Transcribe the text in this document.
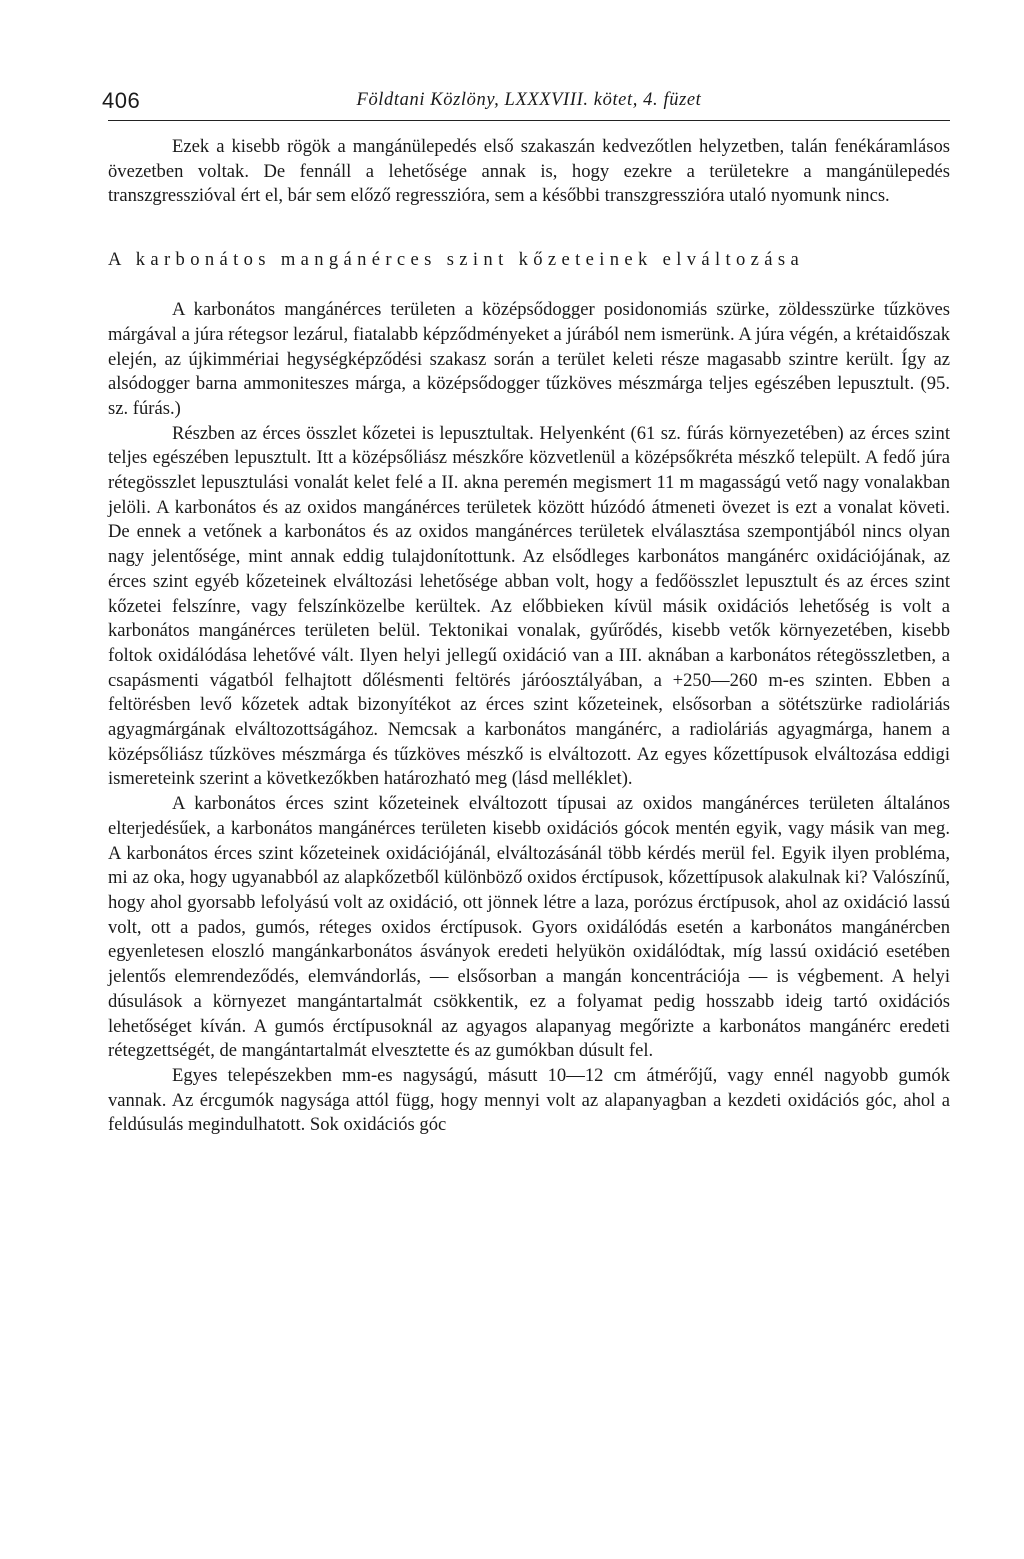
406	Földtani Közlöny, LXXXVIII. kötet, 4. füzet

Ezek a kisebb rögök a mangánülepedés első szakaszán kedvezőtlen helyzetben, talán fenékáramlásos övezetben voltak. De fennáll a lehetősége annak is, hogy ezekre a területekre a mangánülepedés transzgresszióval ért el, bár sem előző regresszióra, sem a későbbi transzgresszióra utaló nyomunk nincs.

A karbonátos mangánérces szint kőzeteinek elváltozása

A karbonátos mangánérces területen a középsődogger posidonomiás szürke, zöldesszürke tűzköves márgával a júra rétegsor lezárul, fiatalabb képződményeket a júrából nem ismerünk. A júra végén, a krétaidőszak elején, az újkimmériai hegységképződési szakasz során a terület keleti része magasabb szintre került. Így az alsódogger barna ammoniteszes márga, a középsődogger tűzköves mészmárga teljes egészében lepusztult. (95. sz. fúrás.)

Részben az érces összlet kőzetei is lepusztultak. Helyenként (61 sz. fúrás környezetében) az érces szint teljes egészében lepusztult. Itt a középsőliász mészkőre közvetlenül a középsőkréta mészkő települt. A fedő júra rétegösszlet lepusztulási vonalát kelet felé a II. akna peremén megismert 11 m magasságú vető nagy vonalakban jelöli. A karbonátos és az oxidos mangánérces területek között húzódó átmeneti övezet is ezt a vonalat követi. De ennek a vetőnek a karbonátos és az oxidos mangánérces területek elválasztása szempontjából nincs olyan nagy jelentősége, mint annak eddig tulajdonítottunk. Az elsődleges karbonátos mangánérc oxidációjának, az érces szint egyéb kőzeteinek elváltozási lehetősége abban volt, hogy a fedőösszlet lepusztult és az érces szint kőzetei felszínre, vagy felszínközelbe kerültek. Az előbbieken kívül másik oxidációs lehetőség is volt a karbonátos mangánérces területen belül. Tektonikai vonalak, gyűrődés, kisebb vetők környezetében, kisebb foltok oxidálódása lehetővé vált. Ilyen helyi jellegű oxidáció van a III. aknában a karbonátos rétegösszletben, a csapásmenti vágatból felhajtott dőlésmenti feltörés járóosztályában, a +250—260 m-es szinten. Ebben a feltörésben levő kőzetek adtak bizonyítékot az érces szint kőzeteinek, elsősorban a sötétszürke radioláriás agyagmárgának elváltozottságához. Nemcsak a karbonátos mangánérc, a radioláriás agyagmárga, hanem a középsőliász tűzköves mészmárga és tűzköves mészkő is elváltozott. Az egyes kőzettípusok elváltozása eddigi ismereteink szerint a következőkben határozható meg (lásd melléklet).

A karbonátos érces szint kőzeteinek elváltozott típusai az oxidos mangánérces területen általános elterjedésűek, a karbonátos mangánérces területen kisebb oxidációs gócok mentén egyik, vagy másik van meg. A karbonátos érces szint kőzeteinek oxidációjánál, elváltozásánál több kérdés merül fel. Egyik ilyen probléma, mi az oka, hogy ugyanabból az alapkőzetből különböző oxidos érctípusok, kőzettípusok alakulnak ki? Valószínű, hogy ahol gyorsabb lefolyású volt az oxidáció, ott jönnek létre a laza, porózus érctípusok, ahol az oxidáció lassú volt, ott a pados, gumós, réteges oxidos érctípusok. Gyors oxidálódás esetén a karbonátos mangánércben egyenletesen eloszló mangánkarbonátos ásványok eredeti helyükön oxidálódtak, míg lassú oxidáció esetében jelentős elemrendeződés, elemvándorlás, — elsősorban a mangán koncentrációja — is végbement. A helyi dúsulások a környezet mangántartalmát csökkentik, ez a folyamat pedig hosszabb ideig tartó oxidációs lehetőséget kíván. A gumós érctípusoknál az agyagos alapanyag megőrizte a karbonátos mangánérc eredeti rétegzettségét, de mangántartalmát elvesztette és az gumókban dúsult fel.

Egyes telepészekben mm-es nagyságú, másutt 10—12 cm átmérőjű, vagy ennél nagyobb gumók vannak. Az ércgumók nagysága attól függ, hogy mennyi volt az alapanyagban a kezdeti oxidációs góc, ahol a feldúsulás megindulhatott. Sok oxidációs góc
